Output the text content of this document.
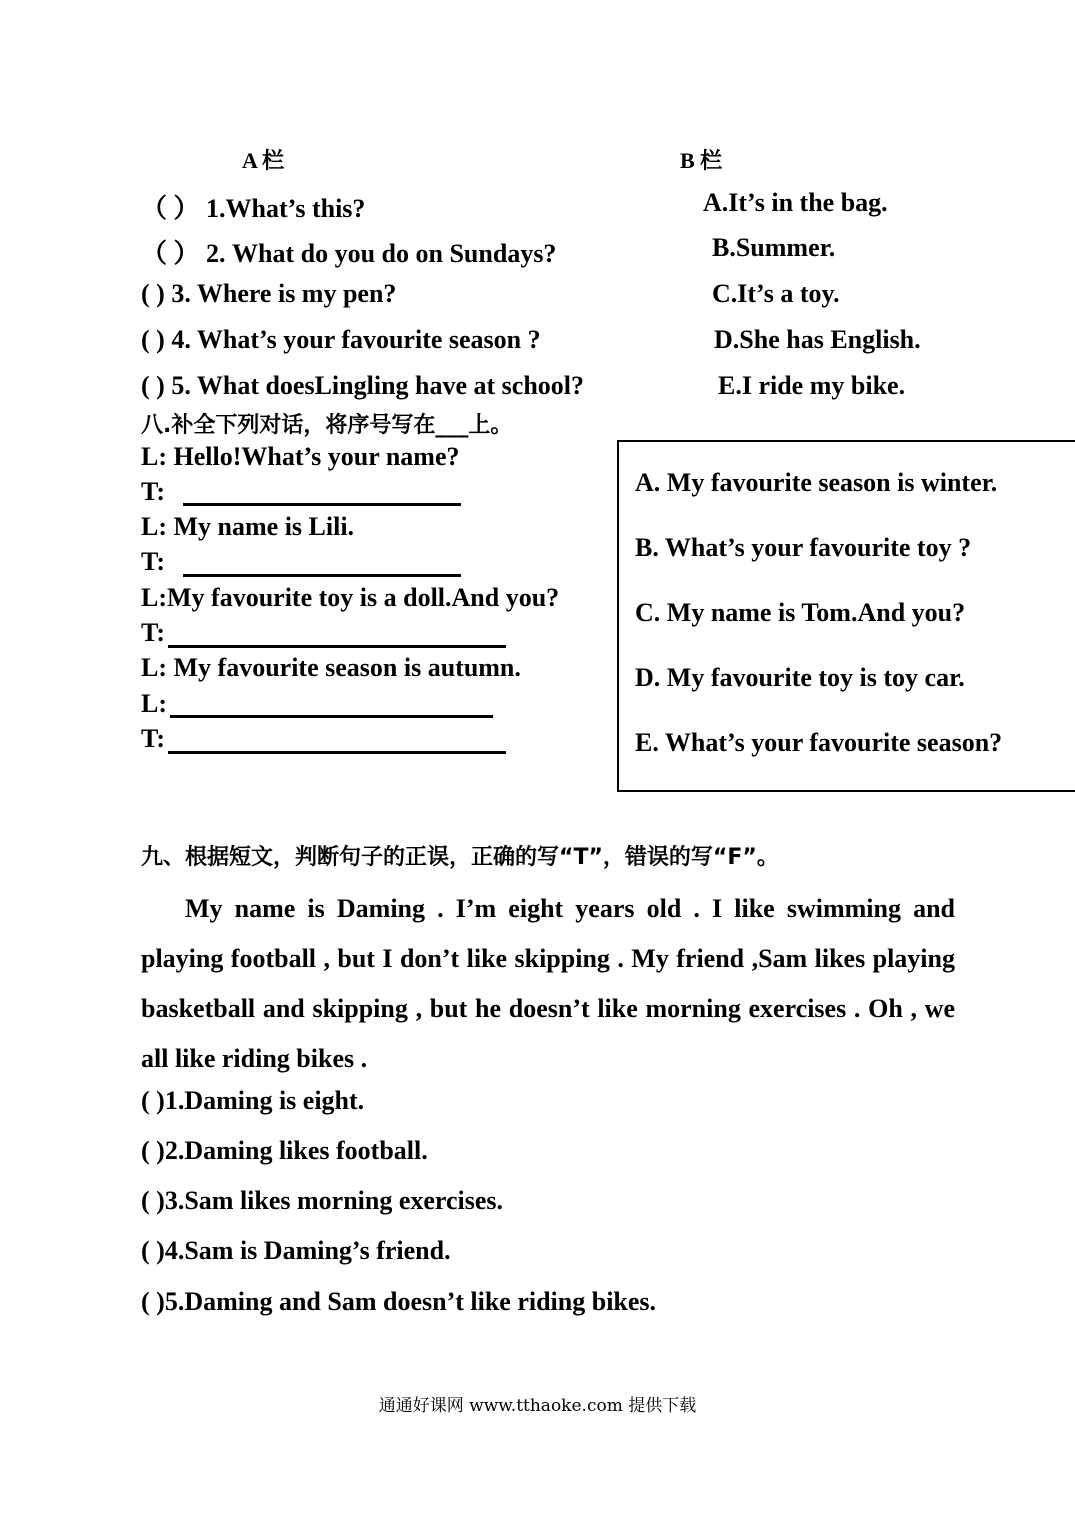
A 栏	B 栏
（ ） 1.What’s this?
（ ） 2. What do you do on Sundays?
( ) 3. Where is my pen?
( ) 4. What’s your favourite season ?
( ) 5. What doesLingling have at school?
A.It’s in the bag.
B.Summer.
C.It’s a toy.
D.She has English.
E.I ride my bike.
八.补全下列对话，将序号写在___上。
L: Hello!What’s your name?
T:
L: My name is Lili.
T:
L:My favourite toy is a doll.And you?
T:
L: My favourite season is autumn.
L:
T:
A. My favourite season is winter.
B. What’s your favourite toy ?
C. My name is Tom.And you?
D. My favourite toy is toy car.
E. What’s your favourite season?
九、根据短文，判断句子的正误，正确的写“T”，错误的写“F”。

My name is Daming . I’m eight years old . I like swimming and playing football , but I don’t like skipping . My friend ,Sam likes playing basketball and skipping , but he doesn’t like morning exercises . Oh , we all like riding bikes .

( )1.Daming is eight.
( )2.Daming likes football.
( )3.Sam likes morning exercises.
( )4.Sam is Daming’s friend.
( )5.Daming and Sam doesn’t like riding bikes.
通通好课网 www.tthaoke.com 提供下载
